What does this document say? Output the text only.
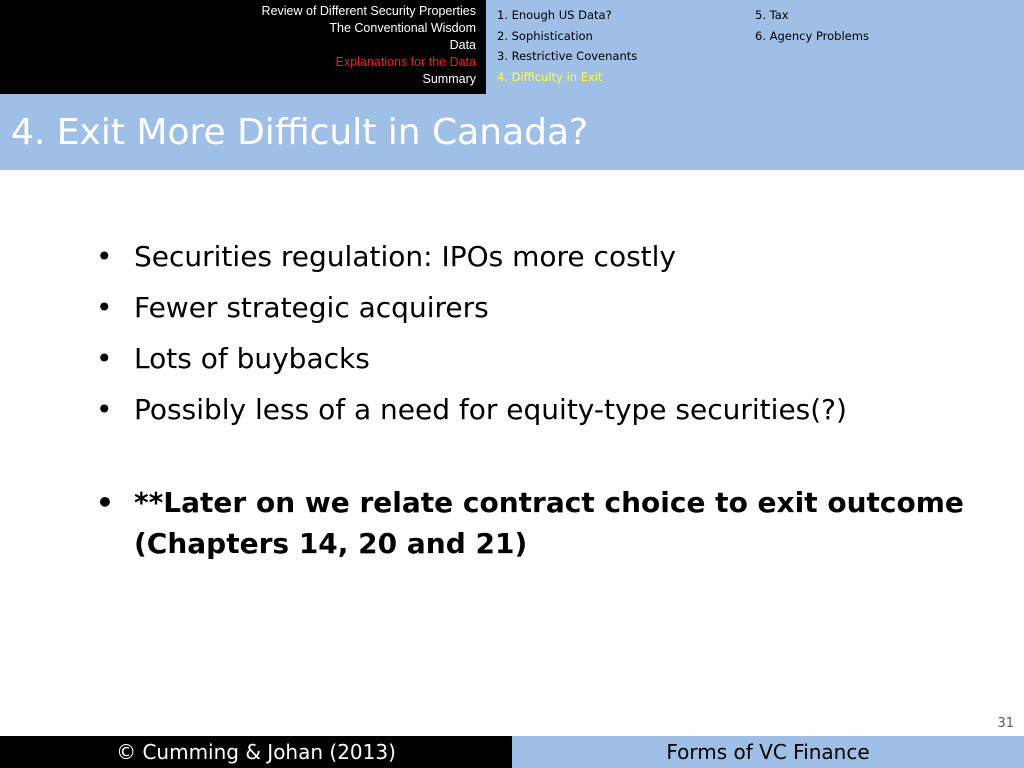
Review of Different Security Properties
The Conventional Wisdom
Data
Explanations for the Data
Summary
1. Enough US Data?
2. Sophistication
3. Restrictive Covenants
4. Difficulty in Exit
5. Tax
6. Agency Problems
4. Exit More Difficult in Canada?
• Securities regulation: IPOs more costly
• Fewer strategic acquirers
• Lots of buybacks
• Possibly less of a need for equity-type securities(?)
• **Later on we relate contract choice to exit outcome (Chapters 14, 20 and 21)
31
© Cumming & Johan (2013)	Forms of VC Finance
